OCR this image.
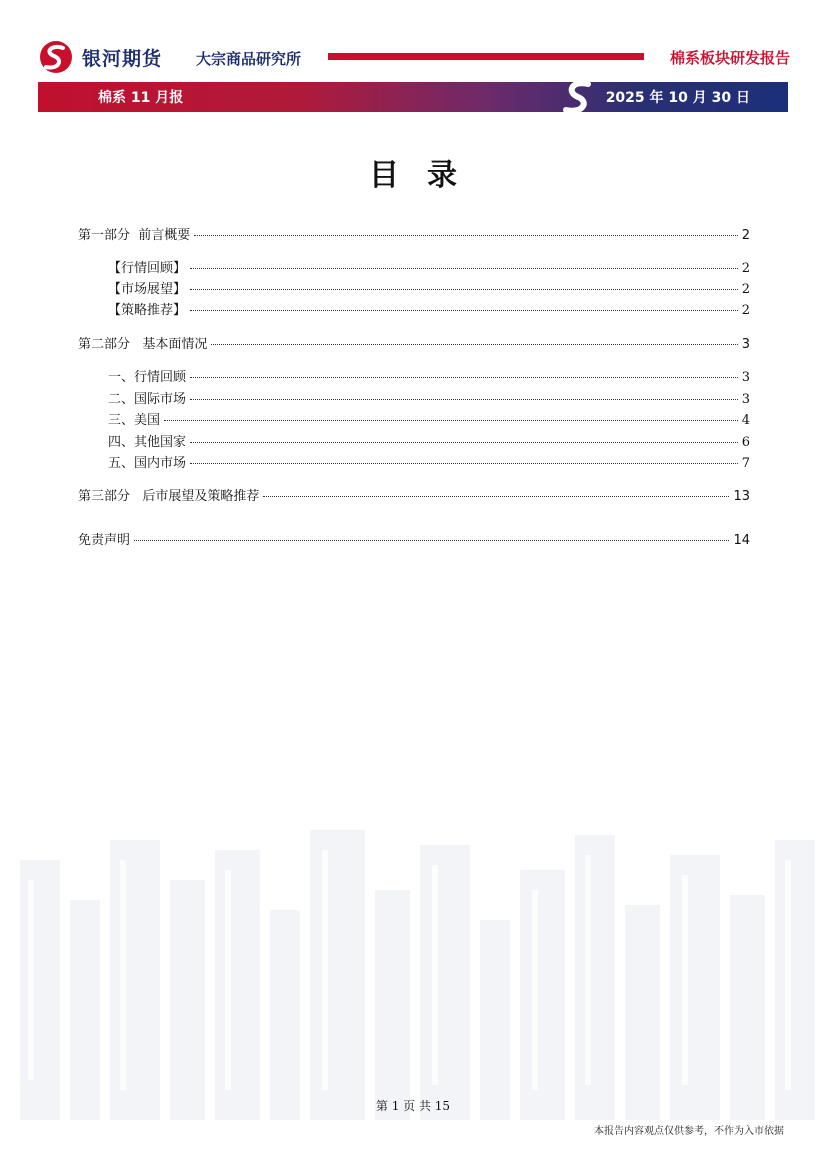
银河期货 大宗商品研究所	棉系板块研发报告
棉系 11 月报	2025 年 10 月 30 日
目录
第一部分  前言概要	2
【行情回顾】	2
【市场展望】	2
【策略推荐】	2
第二部分   基本面情况	3
一、行情回顾	3
二、国际市场	3
三、美国	4
四、其他国家	6
五、国内市场	7
第三部分   后市展望及策略推荐	13
免责声明	14
第 1 页 共 15
本报告内容观点仅供参考，不作为入市依据
